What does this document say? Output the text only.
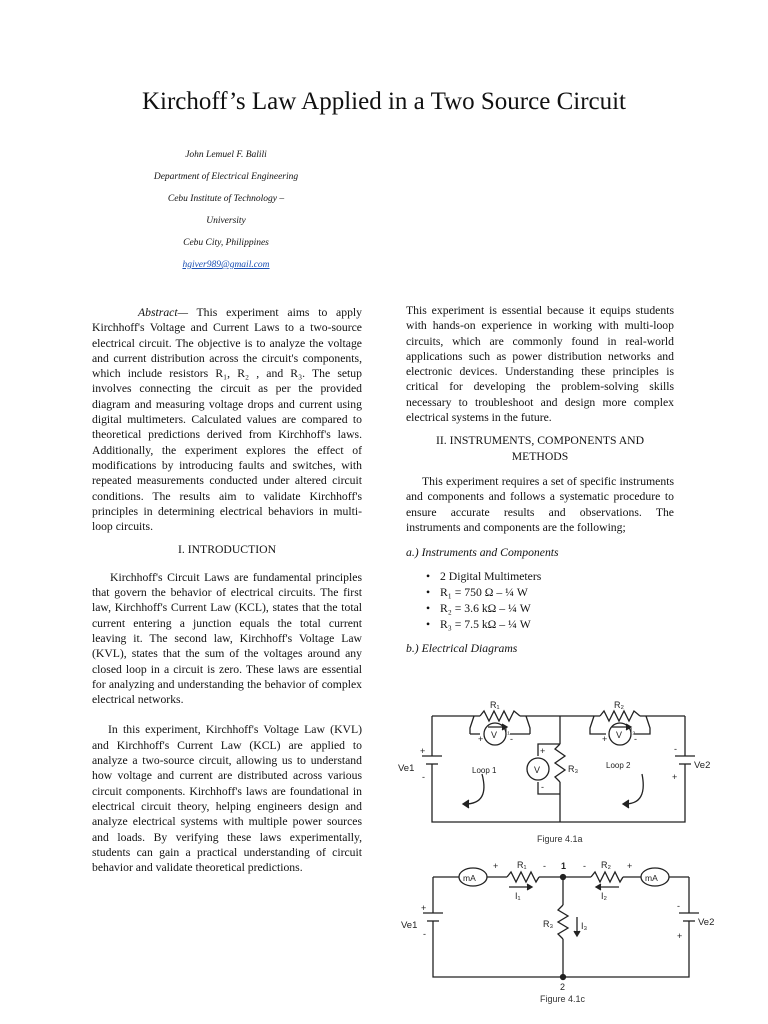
Kirchoff’s Law Applied in a Two Source Circuit
John Lemuel F. Balili
Department of Electrical Engineering
Cebu Institute of Technology –
University
Cebu City, Philippines
hgiver989@gmail.com

Abstract— This experiment aims to apply Kirchhoff's Voltage and Current Laws to a two-source electrical circuit. The objective is to analyze the voltage and current distribution across the circuit's components, which include resistors R₁, R₂ , and R₃. The setup involves connecting the circuit as per the provided diagram and measuring voltage drops and current using digital multimeters. Calculated values are compared to theoretical predictions derived from Kirchhoff's laws. Additionally, the experiment explores the effect of modifications by introducing faults and switches, with repeated measurements conducted under altered circuit conditions. The results aim to validate Kirchhoff's principles in determining electrical behaviors in multi-loop circuits.

I. INTRODUCTION

Kirchhoff's Circuit Laws are fundamental principles that govern the behavior of electrical circuits. The first law, Kirchhoff's Current Law (KCL), states that the total current entering a junction equals the total current leaving it. The second law, Kirchhoff's Voltage Law (KVL), states that the sum of the voltages around any closed loop in a circuit is zero. These laws are essential for analyzing and understanding the behavior of complex electrical networks.

In this experiment, Kirchhoff's Voltage Law (KVL) and Kirchhoff's Current Law (KCL) are applied to analyze a two-source circuit, allowing us to understand how voltage and current are distributed across various circuit components. Kirchhoff's laws are foundational in electrical circuit theory, helping engineers design and analyze electrical systems with multiple power sources and loads. By verifying these laws experimentally, students can gain a practical understanding of circuit behavior and validate theoretical predictions.

This experiment is essential because it equips students with hands-on experience in working with multi-loop circuits, which are commonly found in real-world applications such as power distribution networks and electronic devices. Understanding these principles is critical for developing the problem-solving skills necessary to troubleshoot and design more complex electrical systems in the future.

II. INSTRUMENTS, COMPONENTS AND

METHODS

This experiment requires a set of specific instruments and components and follows a systematic procedure to ensure accurate results and observations. The instruments and components are the following;

a.) Instruments and Components

• 2 Digital Multimeters
• R₁ = 750 Ω – ¼ W
• R₂ = 3.6 kΩ – ¼ W
• R₃ = 7.5 kΩ – ¼ W

b.) Electrical Diagrams

R₁	R₂
R₃
I₁	I₂
V	V
V
Ve1	Ve2
Loop 1
Loop 2
+
-
-
+
+	-	+	-
+
-
Figure 4.1a
mA	mA
R₁	R₂
R₃
I₁	I₂
I₃
1
2
Ve1	Ve2
+
-
-
+
+	-	-	+
Figure 4.1c
